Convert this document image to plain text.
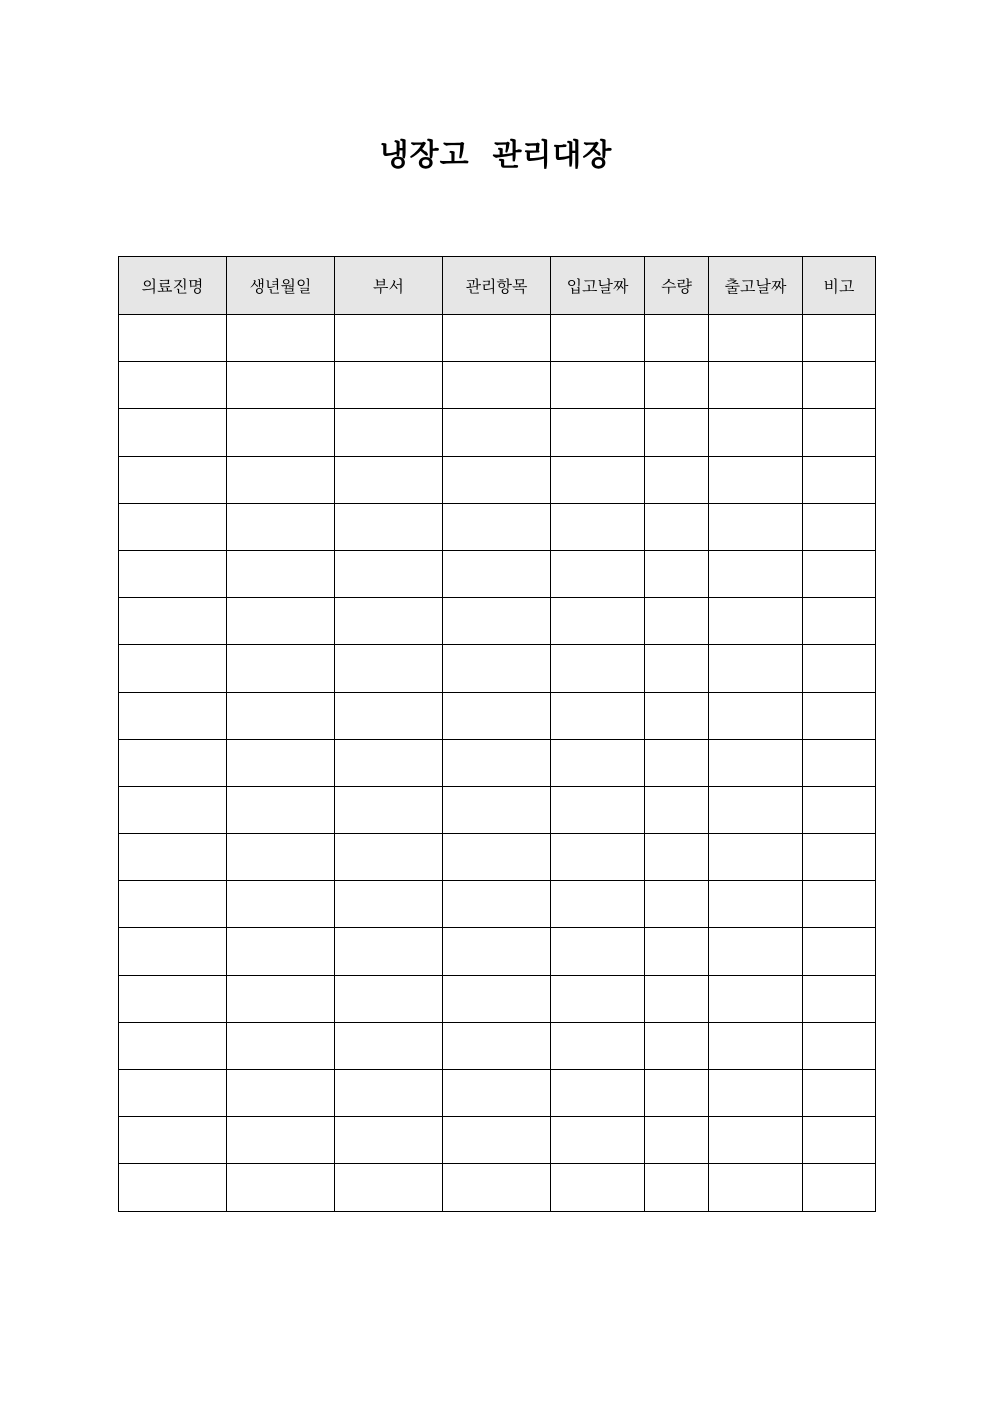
냉장고  관리대장
의료진명	생년월일	부서	관리항목	입고날짜	수량	출고날짜	비고
